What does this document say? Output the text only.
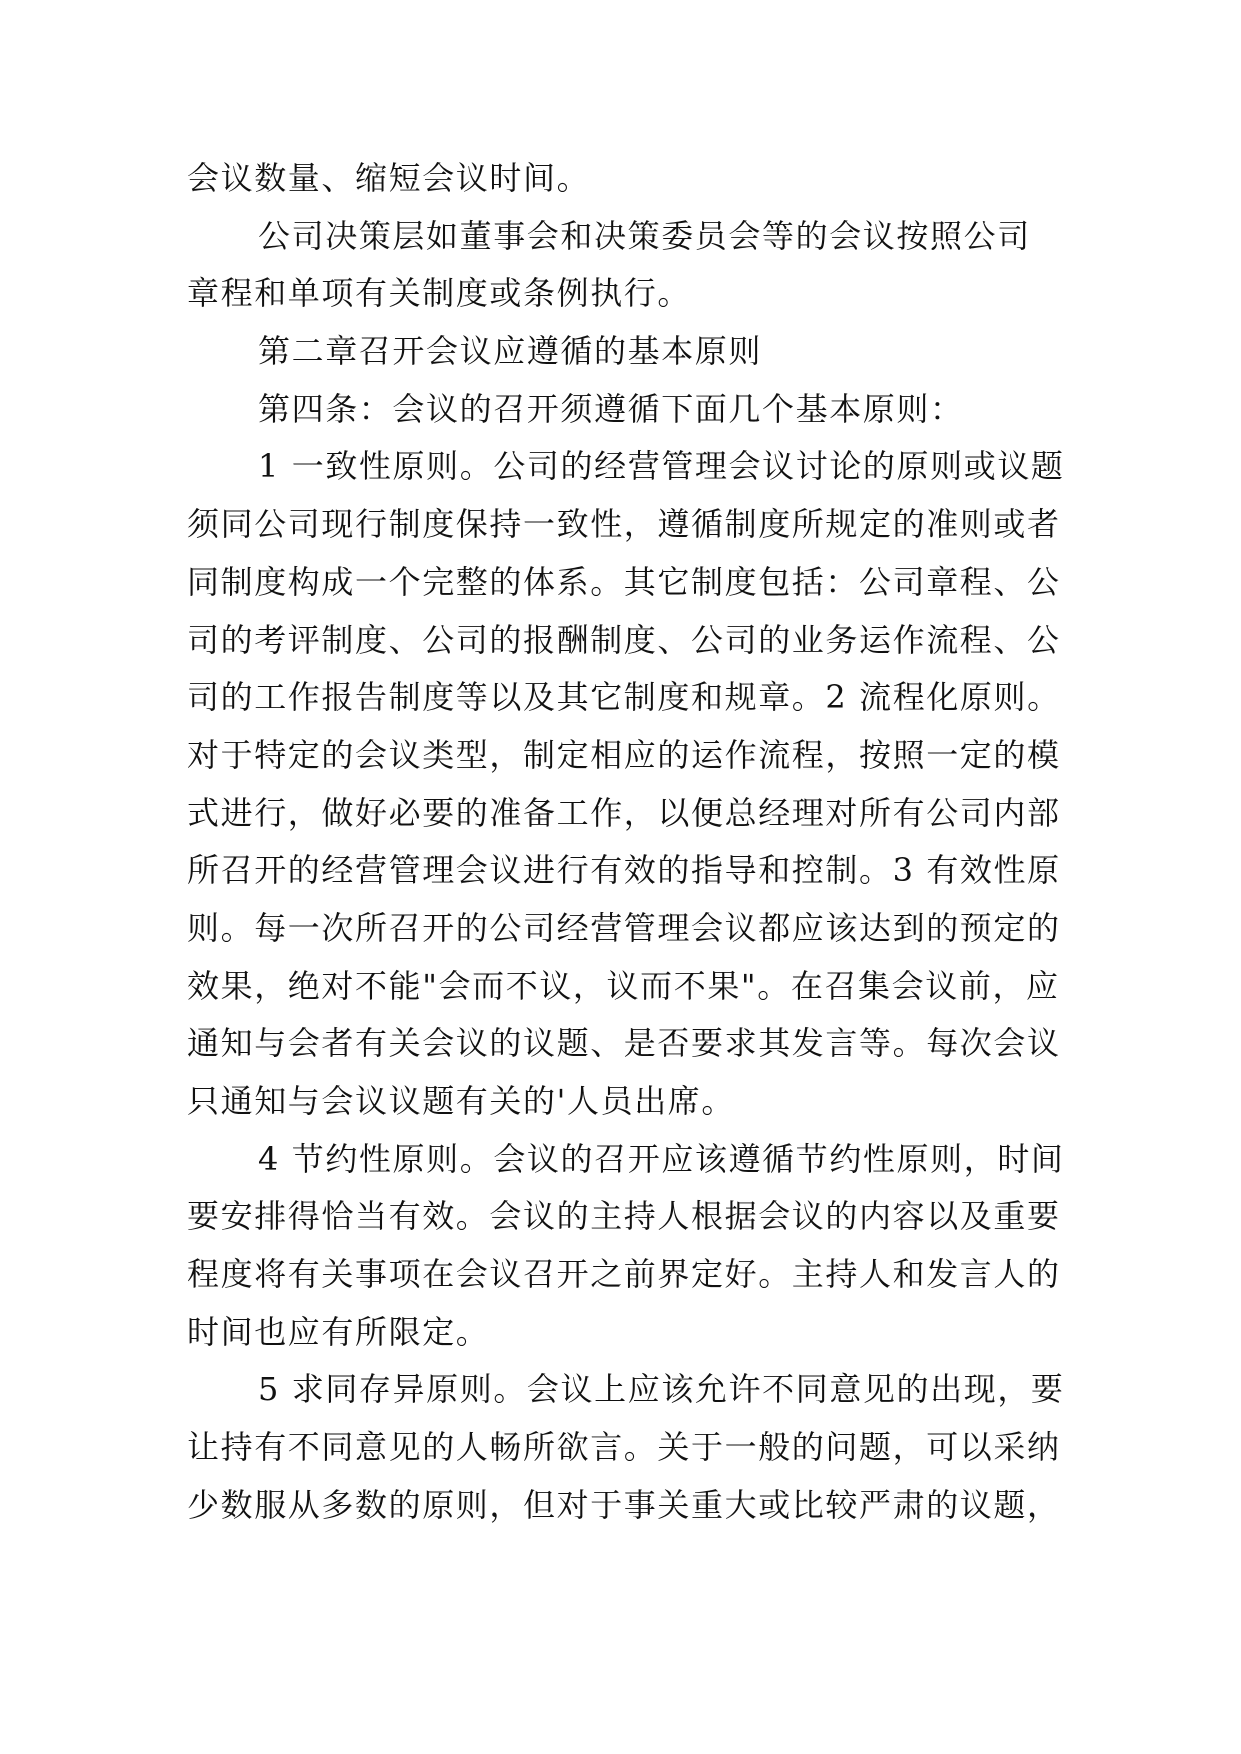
会议数量、缩短会议时间。
公司决策层如董事会和决策委员会等的会议按照公司
章程和单项有关制度或条例执行。
第二章召开会议应遵循的基本原则
第四条：会议的召开须遵循下面几个基本原则：
1 一致性原则。公司的经营管理会议讨论的原则或议题
须同公司现行制度保持一致性，遵循制度所规定的准则或者
同制度构成一个完整的体系。其它制度包括：公司章程、公
司的考评制度、公司的报酬制度、公司的业务运作流程、公
司的工作报告制度等以及其它制度和规章。2 流程化原则。
对于特定的会议类型，制定相应的运作流程，按照一定的模
式进行，做好必要的准备工作，以便总经理对所有公司内部
所召开的经营管理会议进行有效的指导和控制。3 有效性原
则。每一次所召开的公司经营管理会议都应该达到的预定的
效果，绝对不能"会而不议，议而不果"。在召集会议前，应
通知与会者有关会议的议题、是否要求其发言等。每次会议
只通知与会议议题有关的'人员出席。
4 节约性原则。会议的召开应该遵循节约性原则，时间
要安排得恰当有效。会议的主持人根据会议的内容以及重要
程度将有关事项在会议召开之前界定好。主持人和发言人的
时间也应有所限定。
5 求同存异原则。会议上应该允许不同意见的出现，要
让持有不同意见的人畅所欲言。关于一般的问题，可以采纳
少数服从多数的原则，但对于事关重大或比较严肃的议题，
